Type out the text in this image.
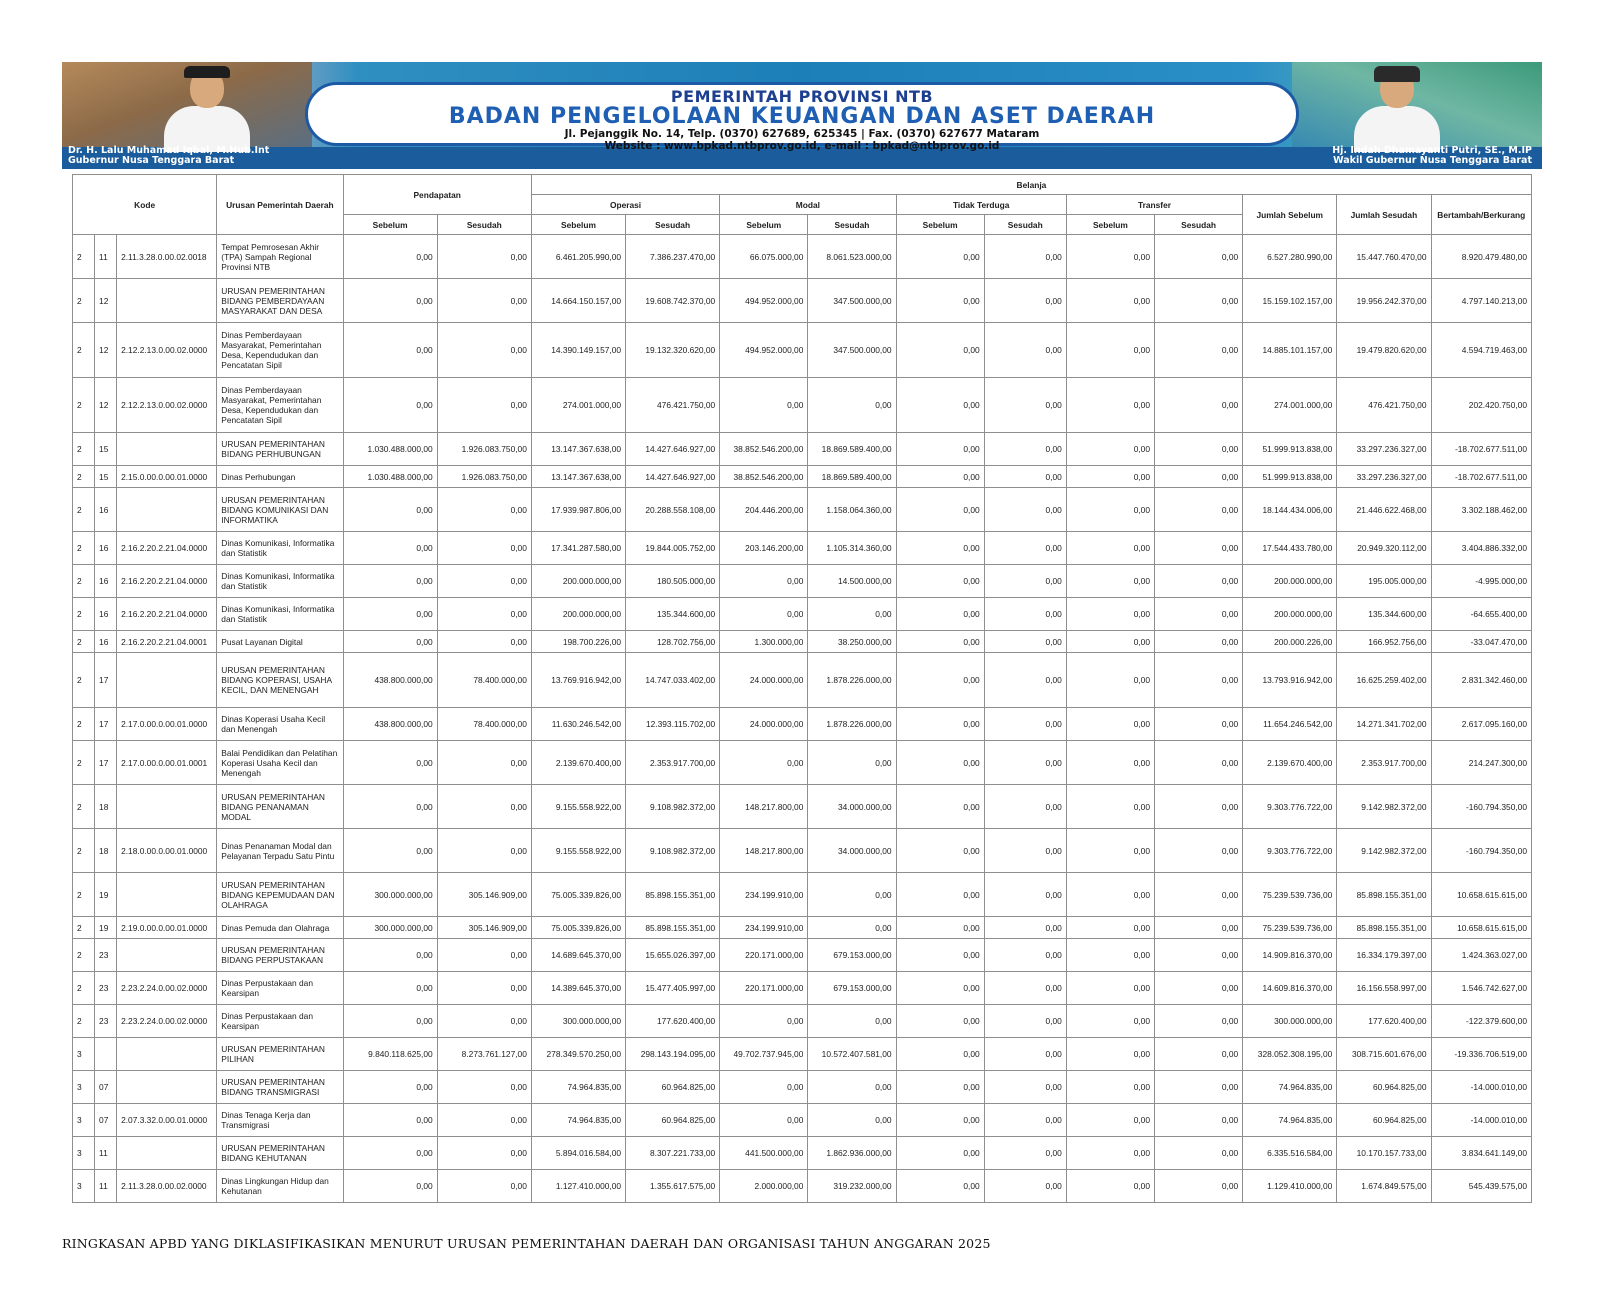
PEMERINTAH PROVINSI NTB
BADAN PENGELOLAAN KEUANGAN DAN ASET DAERAH
Jl. Pejanggik No. 14, Telp. (0370) 627689, 625345 | Fax. (0370) 627677 Mataram
Website : www.bpkad.ntbprov.go.id, e-mail : bpkad@ntbprov.go.id
Dr. H. Lalu Muhamad Iqbal, M.Hub.Int
Gubernur Nusa Tenggara Barat
Hj. Indah Dhamayanti Putri, SE., M.IP
Wakil Gubernur Nusa Tenggara Barat
Kode			Urusan Pemerintah Daerah	Pendapatan		Belanja										
						Operasi		Modal		Tidak Terduga		Transfer		Jumlah Sebelum	Jumlah Sesudah	Bertambah/Berkurang
				Sebelum	Sesudah	Sebelum	Sesudah	Sebelum	Sesudah	Sebelum	Sesudah	Sebelum	Sesudah			
2	11	2.11.3.28.0.00.02.0018	Tempat Pemrosesan Akhir (TPA) Sampah Regional Provinsi NTB	0,00	0,00	6.461.205.990,00	7.386.237.470,00	66.075.000,00	8.061.523.000,00	0,00	0,00	0,00	0,00	6.527.280.990,00	15.447.760.470,00	8.920.479.480,00
2	12		URUSAN PEMERINTAHAN BIDANG PEMBERDAYAAN MASYARAKAT DAN DESA	0,00	0,00	14.664.150.157,00	19.608.742.370,00	494.952.000,00	347.500.000,00	0,00	0,00	0,00	0,00	15.159.102.157,00	19.956.242.370,00	4.797.140.213,00
2	12	2.12.2.13.0.00.02.0000	Dinas Pemberdayaan Masyarakat, Pemerintahan Desa, Kependudukan dan Pencatatan Sipil	0,00	0,00	14.390.149.157,00	19.132.320.620,00	494.952.000,00	347.500.000,00	0,00	0,00	0,00	0,00	14.885.101.157,00	19.479.820.620,00	4.594.719.463,00
2	12	2.12.2.13.0.00.02.0000	Dinas Pemberdayaan Masyarakat, Pemerintahan Desa, Kependudukan dan Pencatatan Sipil	0,00	0,00	274.001.000,00	476.421.750,00	0,00	0,00	0,00	0,00	0,00	0,00	274.001.000,00	476.421.750,00	202.420.750,00
2	15		URUSAN PEMERINTAHAN BIDANG PERHUBUNGAN	1.030.488.000,00	1.926.083.750,00	13.147.367.638,00	14.427.646.927,00	38.852.546.200,00	18.869.589.400,00	0,00	0,00	0,00	0,00	51.999.913.838,00	33.297.236.327,00	-18.702.677.511,00
2	15	2.15.0.00.0.00.01.0000	Dinas Perhubungan	1.030.488.000,00	1.926.083.750,00	13.147.367.638,00	14.427.646.927,00	38.852.546.200,00	18.869.589.400,00	0,00	0,00	0,00	0,00	51.999.913.838,00	33.297.236.327,00	-18.702.677.511,00
2	16		URUSAN PEMERINTAHAN BIDANG KOMUNIKASI DAN INFORMATIKA	0,00	0,00	17.939.987.806,00	20.288.558.108,00	204.446.200,00	1.158.064.360,00	0,00	0,00	0,00	0,00	18.144.434.006,00	21.446.622.468,00	3.302.188.462,00
2	16	2.16.2.20.2.21.04.0000	Dinas Komunikasi, Informatika dan Statistik	0,00	0,00	17.341.287.580,00	19.844.005.752,00	203.146.200,00	1.105.314.360,00	0,00	0,00	0,00	0,00	17.544.433.780,00	20.949.320.112,00	3.404.886.332,00
2	16	2.16.2.20.2.21.04.0000	Dinas Komunikasi, Informatika dan Statistik	0,00	0,00	200.000.000,00	180.505.000,00	0,00	14.500.000,00	0,00	0,00	0,00	0,00	200.000.000,00	195.005.000,00	-4.995.000,00
2	16	2.16.2.20.2.21.04.0000	Dinas Komunikasi, Informatika dan Statistik	0,00	0,00	200.000.000,00	135.344.600,00	0,00	0,00	0,00	0,00	0,00	0,00	200.000.000,00	135.344.600,00	-64.655.400,00
2	16	2.16.2.20.2.21.04.0001	Pusat Layanan Digital	0,00	0,00	198.700.226,00	128.702.756,00	1.300.000,00	38.250.000,00	0,00	0,00	0,00	0,00	200.000.226,00	166.952.756,00	-33.047.470,00
2	17		URUSAN PEMERINTAHAN BIDANG KOPERASI, USAHA KECIL, DAN MENENGAH	438.800.000,00	78.400.000,00	13.769.916.942,00	14.747.033.402,00	24.000.000,00	1.878.226.000,00	0,00	0,00	0,00	0,00	13.793.916.942,00	16.625.259.402,00	2.831.342.460,00
2	17	2.17.0.00.0.00.01.0000	Dinas Koperasi Usaha Kecil dan Menengah	438.800.000,00	78.400.000,00	11.630.246.542,00	12.393.115.702,00	24.000.000,00	1.878.226.000,00	0,00	0,00	0,00	0,00	11.654.246.542,00	14.271.341.702,00	2.617.095.160,00
2	17	2.17.0.00.0.00.01.0001	Balai Pendidikan dan Pelatihan Koperasi Usaha Kecil dan Menengah	0,00	0,00	2.139.670.400,00	2.353.917.700,00	0,00	0,00	0,00	0,00	0,00	0,00	2.139.670.400,00	2.353.917.700,00	214.247.300,00
2	18		URUSAN PEMERINTAHAN BIDANG PENANAMAN MODAL	0,00	0,00	9.155.558.922,00	9.108.982.372,00	148.217.800,00	34.000.000,00	0,00	0,00	0,00	0,00	9.303.776.722,00	9.142.982.372,00	-160.794.350,00
2	18	2.18.0.00.0.00.01.0000	Dinas Penanaman Modal dan Pelayanan Terpadu Satu Pintu	0,00	0,00	9.155.558.922,00	9.108.982.372,00	148.217.800,00	34.000.000,00	0,00	0,00	0,00	0,00	9.303.776.722,00	9.142.982.372,00	-160.794.350,00
2	19		URUSAN PEMERINTAHAN BIDANG KEPEMUDAAN DAN OLAHRAGA	300.000.000,00	305.146.909,00	75.005.339.826,00	85.898.155.351,00	234.199.910,00	0,00	0,00	0,00	0,00	0,00	75.239.539.736,00	85.898.155.351,00	10.658.615.615,00
2	19	2.19.0.00.0.00.01.0000	Dinas Pemuda dan Olahraga	300.000.000,00	305.146.909,00	75.005.339.826,00	85.898.155.351,00	234.199.910,00	0,00	0,00	0,00	0,00	0,00	75.239.539.736,00	85.898.155.351,00	10.658.615.615,00
2	23		URUSAN PEMERINTAHAN BIDANG PERPUSTAKAAN	0,00	0,00	14.689.645.370,00	15.655.026.397,00	220.171.000,00	679.153.000,00	0,00	0,00	0,00	0,00	14.909.816.370,00	16.334.179.397,00	1.424.363.027,00
2	23	2.23.2.24.0.00.02.0000	Dinas Perpustakaan dan Kearsipan	0,00	0,00	14.389.645.370,00	15.477.405.997,00	220.171.000,00	679.153.000,00	0,00	0,00	0,00	0,00	14.609.816.370,00	16.156.558.997,00	1.546.742.627,00
2	23	2.23.2.24.0.00.02.0000	Dinas Perpustakaan dan Kearsipan	0,00	0,00	300.000.000,00	177.620.400,00	0,00	0,00	0,00	0,00	0,00	0,00	300.000.000,00	177.620.400,00	-122.379.600,00
3			URUSAN PEMERINTAHAN PILIHAN	9.840.118.625,00	8.273.761.127,00	278.349.570.250,00	298.143.194.095,00	49.702.737.945,00	10.572.407.581,00	0,00	0,00	0,00	0,00	328.052.308.195,00	308.715.601.676,00	-19.336.706.519,00
3	07		URUSAN PEMERINTAHAN BIDANG TRANSMIGRASI	0,00	0,00	74.964.835,00	60.964.825,00	0,00	0,00	0,00	0,00	0,00	0,00	74.964.835,00	60.964.825,00	-14.000.010,00
3	07	2.07.3.32.0.00.01.0000	Dinas Tenaga Kerja dan Transmigrasi	0,00	0,00	74.964.835,00	60.964.825,00	0,00	0,00	0,00	0,00	0,00	0,00	74.964.835,00	60.964.825,00	-14.000.010,00
3	11		URUSAN PEMERINTAHAN BIDANG KEHUTANAN	0,00	0,00	5.894.016.584,00	8.307.221.733,00	441.500.000,00	1.862.936.000,00	0,00	0,00	0,00	0,00	6.335.516.584,00	10.170.157.733,00	3.834.641.149,00
3	11	2.11.3.28.0.00.02.0000	Dinas Lingkungan Hidup dan Kehutanan	0,00	0,00	1.127.410.000,00	1.355.617.575,00	2.000.000,00	319.232.000,00	0,00	0,00	0,00	0,00	1.129.410.000,00	1.674.849.575,00	545.439.575,00
RINGKASAN APBD YANG DIKLASIFIKASIKAN MENURUT URUSAN PEMERINTAHAN DAERAH DAN ORGANISASI TAHUN ANGGARAN 2025
